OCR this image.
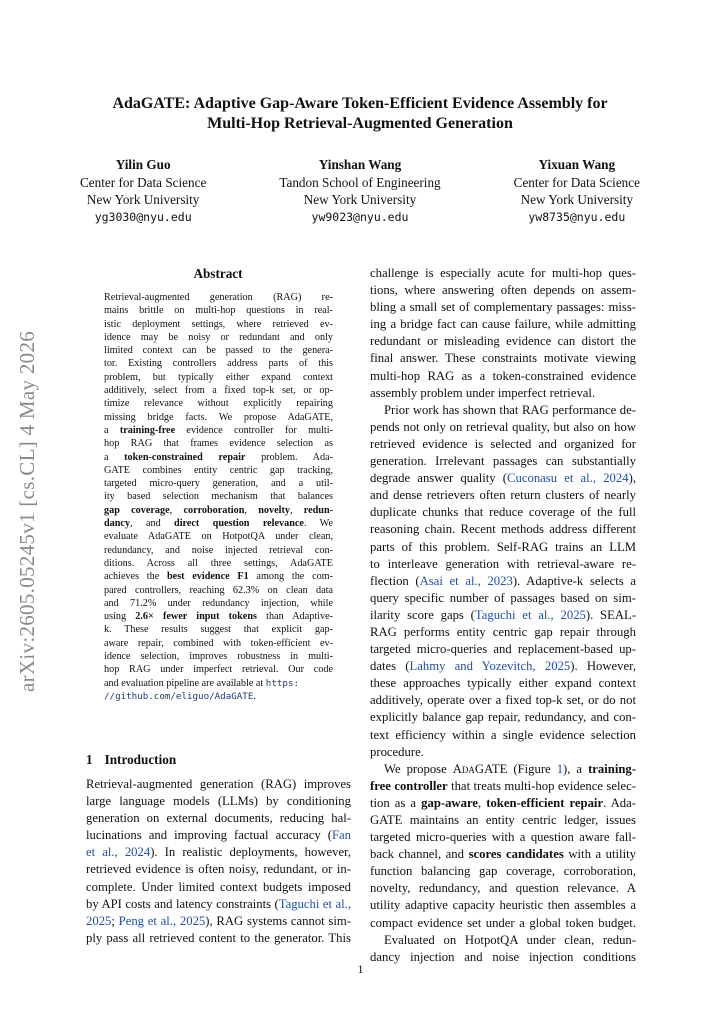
arXiv:2605.05245v1 [cs.CL] 4 May 2026
AdaGATE: Adaptive Gap-Aware Token-Efficient Evidence Assembly for
Multi-Hop Retrieval-Augmented Generation
Yilin Guo
Center for Data Science
New York University
yg3030@nyu.edu
Yinshan Wang
Tandon School of Engineering
New York University
yw9023@nyu.edu
Yixuan Wang
Center for Data Science
New York University
yw8735@nyu.edu
Abstract
Retrieval-augmented generation (RAG) re-
mains brittle on multi-hop questions in real-
istic deployment settings, where retrieved ev-
idence may be noisy or redundant and only
limited context can be passed to the genera-
tor. Existing controllers address parts of this
problem, but typically either expand context
additively, select from a fixed top-k set, or op-
timize relevance without explicitly repairing
missing bridge facts. We propose AdaGATE,
a training-free evidence controller for multi-
hop RAG that frames evidence selection as
a token-constrained repair problem. Ada-
GATE combines entity centric gap tracking,
targeted micro-query generation, and a util-
ity based selection mechanism that balances
gap coverage, corroboration, novelty, redun-
dancy, and direct question relevance. We
evaluate AdaGATE on HotpotQA under clean,
redundancy, and noise injected retrieval con-
ditions. Across all three settings, AdaGATE
achieves the best evidence F1 among the com-
pared controllers, reaching 62.3% on clean data
and 71.2% under redundancy injection, while
using 2.6× fewer input tokens than Adaptive-
k. These results suggest that explicit gap-
aware repair, combined with token-efficient ev-
idence selection, improves robustness in multi-
hop RAG under imperfect retrieval. Our code
and evaluation pipeline are available at https:
//github.com/eliguo/AdaGATE.
1 Introduction
Retrieval-augmented generation (RAG) improves
large language models (LLMs) by conditioning
generation on external documents, reducing hal-
lucinations and improving factual accuracy (Fan
et al., 2024). In realistic deployments, however,
retrieved evidence is often noisy, redundant, or in-
complete. Under limited context budgets imposed
by API costs and latency constraints (Taguchi et al.,
2025; Peng et al., 2025), RAG systems cannot sim-
ply pass all retrieved content to the generator. This
challenge is especially acute for multi-hop ques-
tions, where answering often depends on assem-
bling a small set of complementary passages: miss-
ing a bridge fact can cause failure, while admitting
redundant or misleading evidence can distort the
final answer. These constraints motivate viewing
multi-hop RAG as a token-constrained evidence
assembly problem under imperfect retrieval.
Prior work has shown that RAG performance de-
pends not only on retrieval quality, but also on how
retrieved evidence is selected and organized for
generation. Irrelevant passages can substantially
degrade answer quality (Cuconasu et al., 2024),
and dense retrievers often return clusters of nearly
duplicate chunks that reduce coverage of the full
reasoning chain. Recent methods address different
parts of this problem. Self-RAG trains an LLM
to interleave generation with retrieval-aware re-
flection (Asai et al., 2023). Adaptive-k selects a
query specific number of passages based on sim-
ilarity score gaps (Taguchi et al., 2025). SEAL-
RAG performs entity centric gap repair through
targeted micro-queries and replacement-based up-
dates (Lahmy and Yozevitch, 2025). However,
these approaches typically either expand context
additively, operate over a fixed top-k set, or do not
explicitly balance gap repair, redundancy, and con-
text efficiency within a single evidence selection
procedure.
We propose AdaGATE (Figure 1), a training-
free controller that treats multi-hop evidence selec-
tion as a gap-aware, token-efficient repair. Ada-
GATE maintains an entity centric ledger, issues
targeted micro-queries with a question aware fall-
back channel, and scores candidates with a utility
function balancing gap coverage, corroboration,
novelty, redundancy, and question relevance. A
utility adaptive capacity heuristic then assembles a
compact evidence set under a global token budget.
Evaluated on HotpotQA under clean, redun-
dancy injection and noise injection conditions
1
